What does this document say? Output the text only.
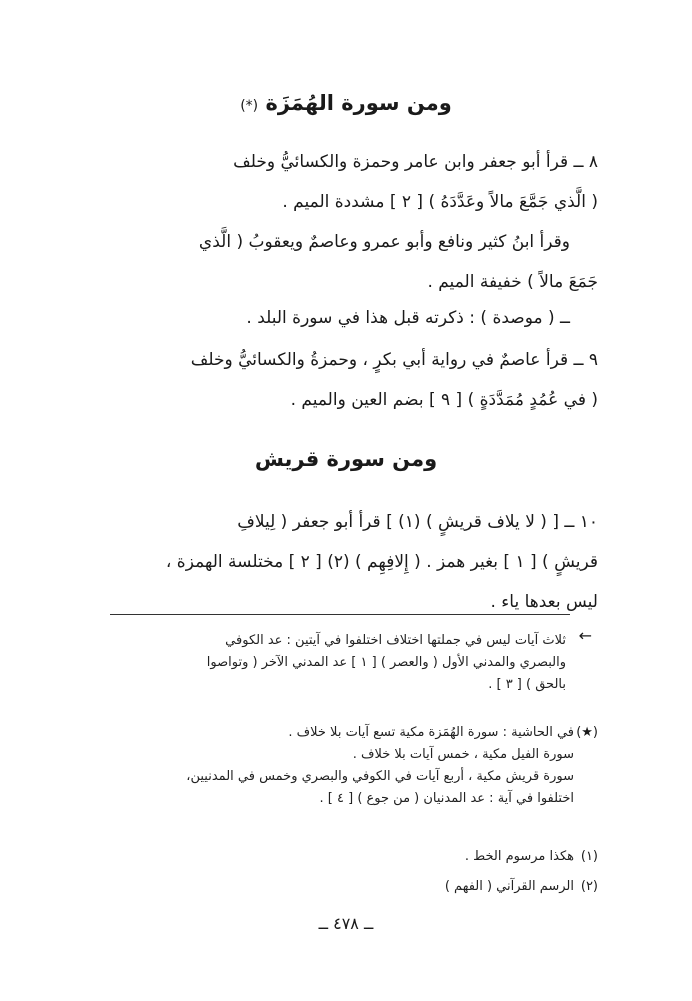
ومن سورة الهُمَزَة (*)
٨ ــ قرأ أبو جعفر وابن عامر وحمزة والكسائيُّ وخلف
( الَّذي جَمَّعَ مالاً وعَدَّدَهُ ) [ ٢ ] مشددة الميم .
وقرأ ابنُ كثير ونافع وأبو عمرو وعاصمٌ ويعقوبُ ( الَّذي
جَمَعَ مالاً ) خفيفة الميم .
ــ ( موصدة ) : ذكرته قبل هذا في سورة البلد .
٩ ــ قرأ عاصمٌ في رواية أبي بكرٍ ، وحمزةُ والكسائيُّ وخلف
( في عُمُدٍ مُمَدَّدَةٍ ) [ ٩ ] بضم العين والميم .
ومن سورة قريش
١٠ ــ [ ( لا يلاف قريشٍ ) (١) ] قرأ أبو جعفر ( لِيلافِ
قريشٍ ) [ ١ ] بغير همز . ( إِلافِهِم ) (٢) [ ٢ ] مختلسة الهمزة ،
ليس بعدها ياء .
←
ثلاث آيات ليس في جملتها اختلاف اختلفوا في آيتين : عد الكوفي
والبصري والمدني الأول ( والعصر ) [ ١ ] عد المدني الآخر ( وتواصوا
بالحق ) [ ٣ ] .
(★)
في الحاشية : سورة الهُمَزة مكية تسع آيات بلا خلاف .
سورة الفيل مكية ، خمس آيات بلا خلاف .
سورة قريش مكية ، أربع آيات في الكوفي والبصري وخمس في المدنيين،
اختلفوا في آية : عد المدنيان ( من جوع ) [ ٤ ] .
(١)
هكذا مرسوم الخط .
(٢)
الرسم القرآني ( الفهم )
ــ ٤٧٨ ــ
